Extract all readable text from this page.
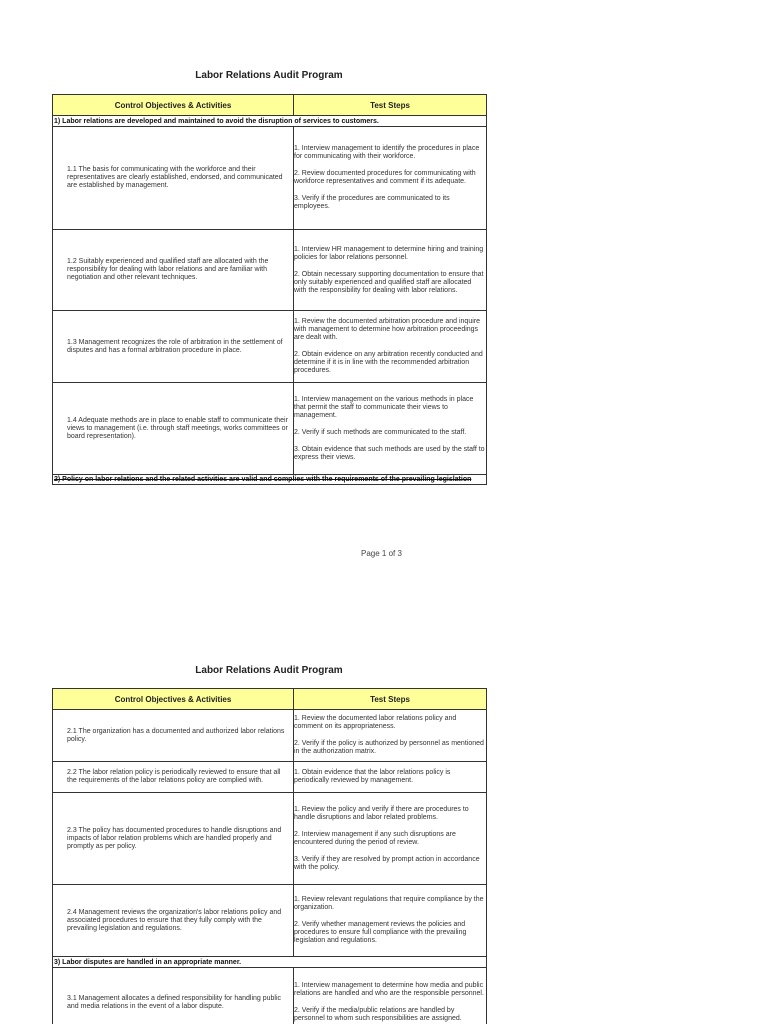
Labor Relations Audit Program
Control Objectives & Activities	Test Steps
1) Labor relations are developed and maintained to avoid the disruption of services to customers.	
1.1 The basis for communicating with the workforce and their representatives are clearly established, endorsed, and communicated are established by management.	1. Interview management to identify the procedures in place for communicating with their workforce.

2. Review documented procedures for communicating with workforce representatives and comment if its adequate.

3. Verify if the procedures are communicated to its employees.

1.2 Suitably experienced and qualified staff are allocated with the responsibility for dealing with labor relations and are familiar with negotiation and other relevant techniques.	1. Interview HR management to determine hiring and training policies for labor relations personnel.

2. Obtain necessary supporting documentation to ensure that only suitably experienced and qualified staff are allocated with the responsibility for dealing with labor relations.

1.3 Management recognizes the role of arbitration in the settlement of disputes and has a formal arbitration procedure in place.	1. Review the documented arbitration procedure and inquire with management to determine how arbitration proceedings are dealt with.

2. Obtain evidence on any arbitration recently conducted and determine if it is in line with the recommended arbitration procedures.

1.4 Adequate methods are in place to enable staff to communicate their views to management (i.e. through staff meetings, works committees or board representation).	1. Interview management on the various methods in place that permit the staff to communicate their views to management.

2. Verify if such methods are communicated to the staff.

3. Obtain evidence that such methods are used by the staff to express their views.

2) Policy on labor relations and the related activities are valid and complies with the requirements of the prevailing legislation	
Page 1 of 3
Labor Relations Audit Program
Control Objectives & Activities	Test Steps
2.1 The organization has a documented and authorized labor relations policy.	1. Review the documented labor relations policy and comment on its appropriateness.

2. Verify if the policy is authorized by personnel as mentioned in the authorization matrix.

2.2 The labor relation policy is periodically reviewed to ensure that all the requirements of the labor relations policy are complied with.	1. Obtain evidence that the labor relations policy is periodically reviewed by management.

2.3 The policy has documented procedures to handle disruptions and impacts of labor relation problems which are handled properly and promptly as per policy.	1. Review the policy and verify if there are procedures to handle disruptions and labor related problems.

2. Interview management if any such disruptions are encountered during the period of review.

3. Verify if they are resolved by prompt action in accordance with the policy.

2.4 Management reviews the organization's labor relations policy and associated procedures to ensure that they fully comply with the prevailing legislation and regulations.	1. Review relevant regulations that require compliance by the organization.

2. Verify whether management reviews the policies and procedures to ensure full compliance with the prevailing legislation and regulations.

3) Labor disputes are handled in an appropriate manner.	
3.1 Management allocates a defined responsibility for handling public and media relations in the event of a labor dispute.	1. Interview management to determine how media and public relations are handled and who are the responsible personnel.

2. Verify if the media/public relations are handled by personnel to whom such responsibilities are assigned.
